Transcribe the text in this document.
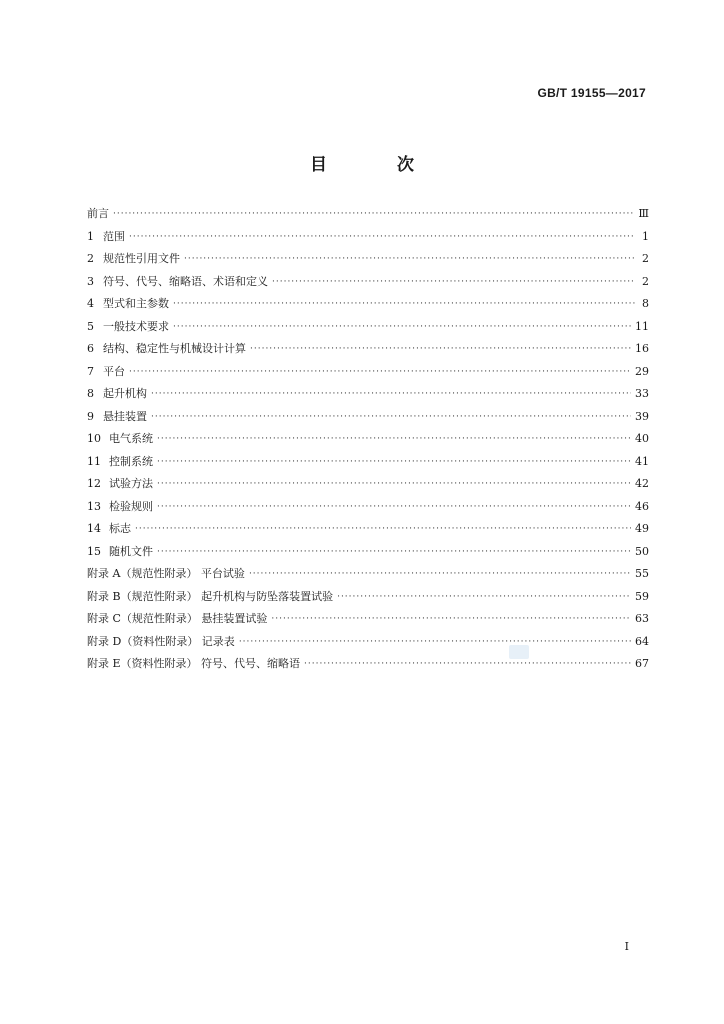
GB/T 19155—2017
目 次
前言 ·····	Ⅲ
1 范围 ·····	1
2 规范性引用文件 ·····	2
3 符号、代号、缩略语、术语和定义 ·····	2
4 型式和主参数 ·····	8
5 一般技术要求 ·····	11
6 结构、稳定性与机械设计计算 ·····	16
7 平台 ·····	29
8 起升机构 ·····	33
9 悬挂装置 ·····	39
10 电气系统 ·····	40
11 控制系统 ·····	41
12 试验方法 ·····	42
13 检验规则 ·····	46
14 标志 ·····	49
15 随机文件 ·····	50
附录 A（规范性附录） 平台试验 ·····	55
附录 B（规范性附录） 起升机构与防坠落装置试验 ·····	59
附录 C（规范性附录） 悬挂装置试验 ·····	63
附录 D（资料性附录） 记录表 ·····	64
附录 E（资料性附录） 符号、代号、缩略语 ·····	67
I
